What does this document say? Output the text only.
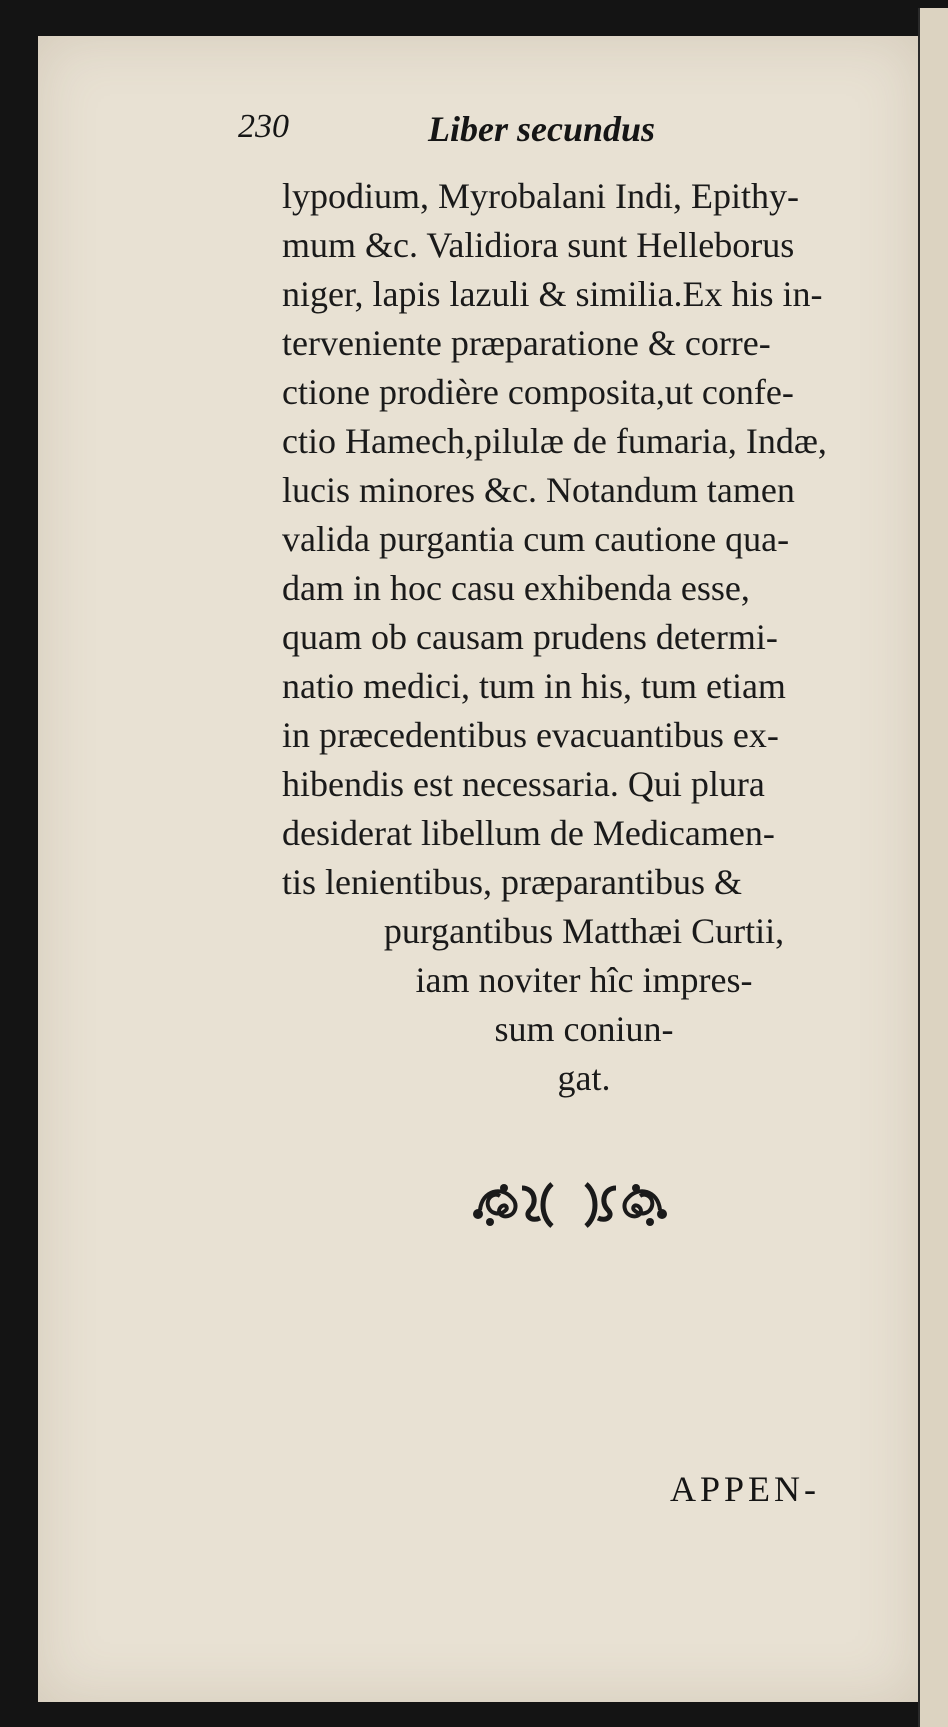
230	Liber secundus
lypodium, Myrobalani Indi, Epithy-
mum &c. Validiora sunt Helleborus
niger, lapis lazuli & similia.Ex his in-
terveniente præparatione & corre-
ctione prodière composita,ut confe-
ctio Hamech,pilulæ de fumaria, Indæ,
lucis minores &c. Notandum tamen
valida purgantia cum cautione qua-
dam in hoc casu exhibenda esse,
quam ob causam prudens determi-
natio medici, tum in his, tum etiam
in præcedentibus evacuantibus ex-
hibendis est necessaria. Qui plura
desiderat libellum de Medicamen-
tis lenientibus, præparantibus &
purgantibus Matthæi Curtii,
iam noviter hîc impres-
sum coniun-
gat.
APPEN-
